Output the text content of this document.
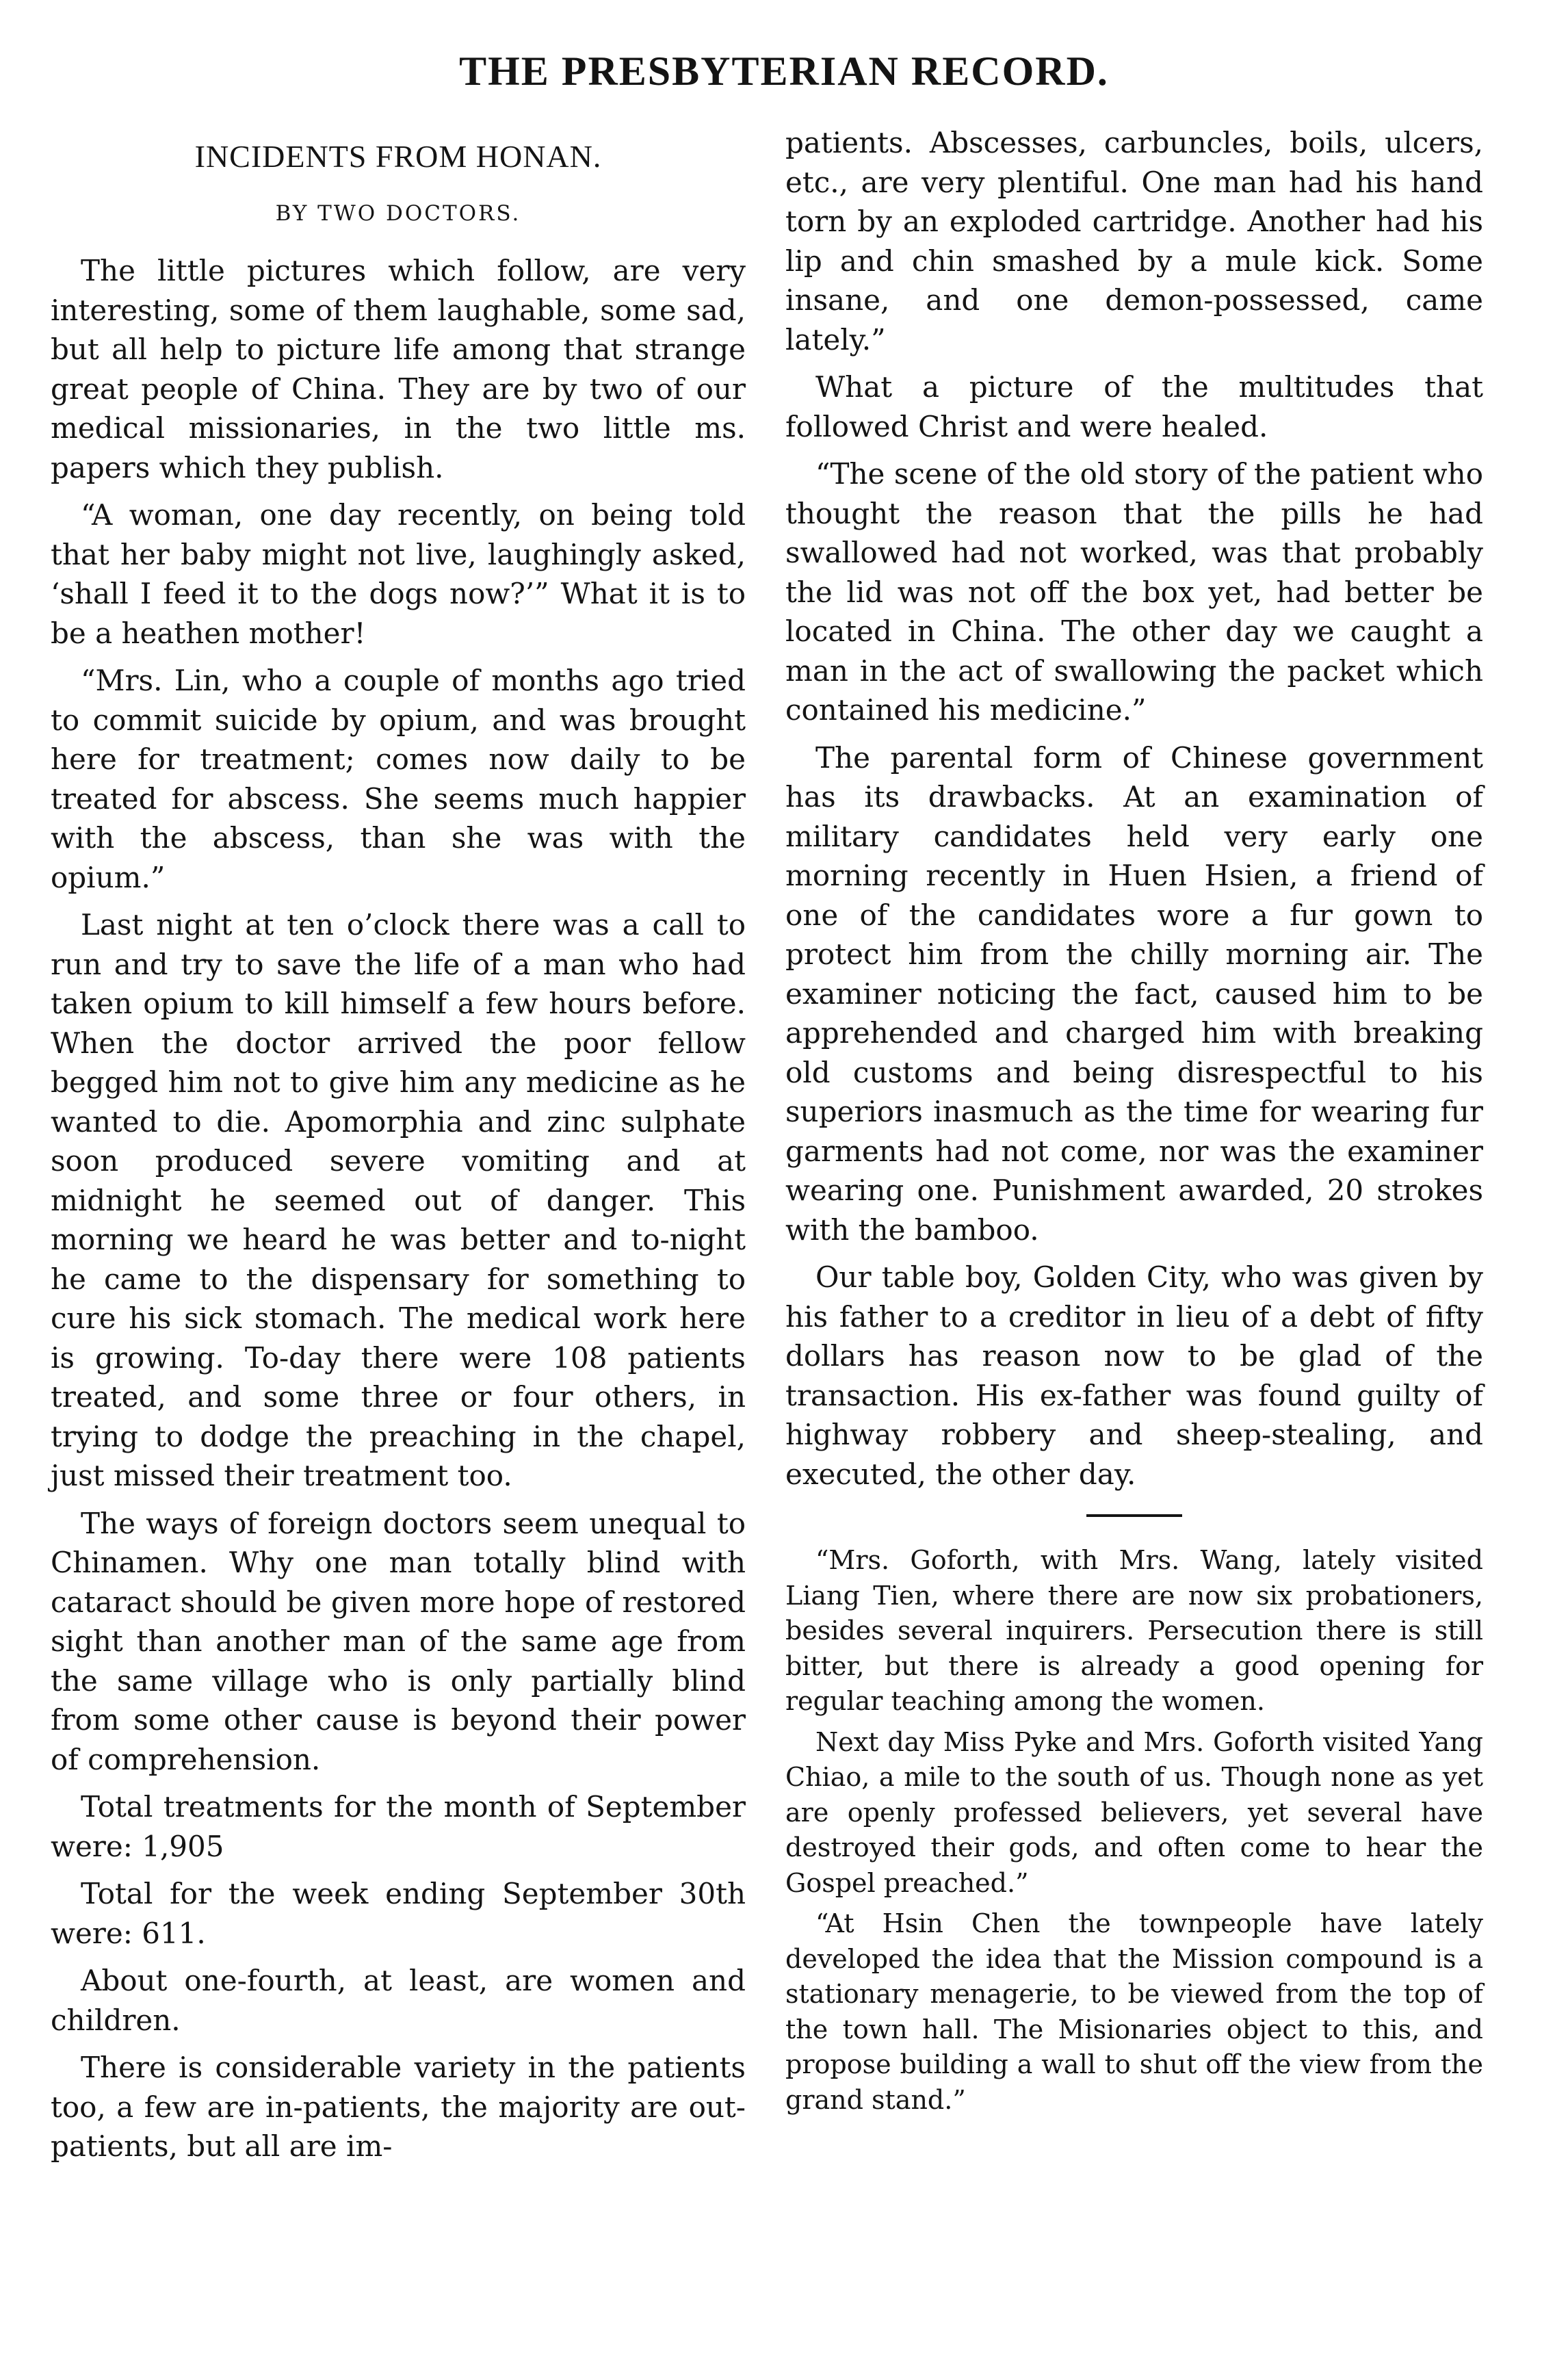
THE PRESBYTERIAN RECORD.
INCIDENTS FROM HONAN.
BY TWO DOCTORS.

The little pictures which follow, are very interesting, some of them laughable, some sad, but all help to picture life among that strange great people of China. They are by two of our medical missionaries, in the two little ms. papers which they publish.

“A woman, one day recently, on being told that her baby might not live, laughingly asked, ‘shall I feed it to the dogs now?’” What it is to be a heathen mother!

“Mrs. Lin, who a couple of months ago tried to commit suicide by opium, and was brought here for treatment; comes now daily to be treated for abscess. She seems much happier with the abscess, than she was with the opium.”

Last night at ten o’clock there was a call to run and try to save the life of a man who had taken opium to kill himself a few hours before. When the doctor arrived the poor fellow begged him not to give him any medicine as he wanted to die. Apomorphia and zinc sulphate soon produced severe vomiting and at midnight he seemed out of danger. This morning we heard he was better and to-night he came to the dispensary for something to cure his sick stomach. The medical work here is growing. To-day there were 108 patients treated, and some three or four others, in trying to dodge the preaching in the chapel, just missed their treatment too.

The ways of foreign doctors seem unequal to Chinamen. Why one man totally blind with cataract should be given more hope of restored sight than another man of the same age from the same village who is only partially blind from some other cause is beyond their power of comprehension.

Total treatments for the month of September were: 1,905

Total for the week ending September 30th were: 611.

About one-fourth, at least, are women and children.

There is considerable variety in the patients too, a few are in-patients, the majority are out-patients, but all are im-

patients. Abscesses, carbuncles, boils, ulcers, etc., are very plentiful. One man had his hand torn by an exploded cartridge. Another had his lip and chin smashed by a mule kick. Some insane, and one demon-possessed, came lately.”

What a picture of the multitudes that followed Christ and were healed.

“The scene of the old story of the patient who thought the reason that the pills he had swallowed had not worked, was that probably the lid was not off the box yet, had better be located in China. The other day we caught a man in the act of swallowing the packet which contained his medicine.”

The parental form of Chinese government has its drawbacks. At an examination of military candidates held very early one morning recently in Huen Hsien, a friend of one of the candidates wore a fur gown to protect him from the chilly morning air. The examiner noticing the fact, caused him to be apprehended and charged him with breaking old customs and being disrespectful to his superiors inasmuch as the time for wearing fur garments had not come, nor was the examiner wearing one. Punishment awarded, 20 strokes with the bamboo.

Our table boy, Golden City, who was given by his father to a creditor in lieu of a debt of fifty dollars has reason now to be glad of the transaction. His ex-father was found guilty of highway robbery and sheep-stealing, and executed, the other day.

“Mrs. Goforth, with Mrs. Wang, lately visited Liang Tien, where there are now six probationers, besides several inquirers. Persecution there is still bitter, but there is already a good opening for regular teaching among the women.

Next day Miss Pyke and Mrs. Goforth visited Yang Chiao, a mile to the south of us. Though none as yet are openly professed believers, yet several have destroyed their gods, and often come to hear the Gospel preached.”

“At Hsin Chen the townpeople have lately developed the idea that the Mission compound is a stationary menagerie, to be viewed from the top of the town hall. The Misionaries object to this, and propose building a wall to shut off the view from the grand stand.”
